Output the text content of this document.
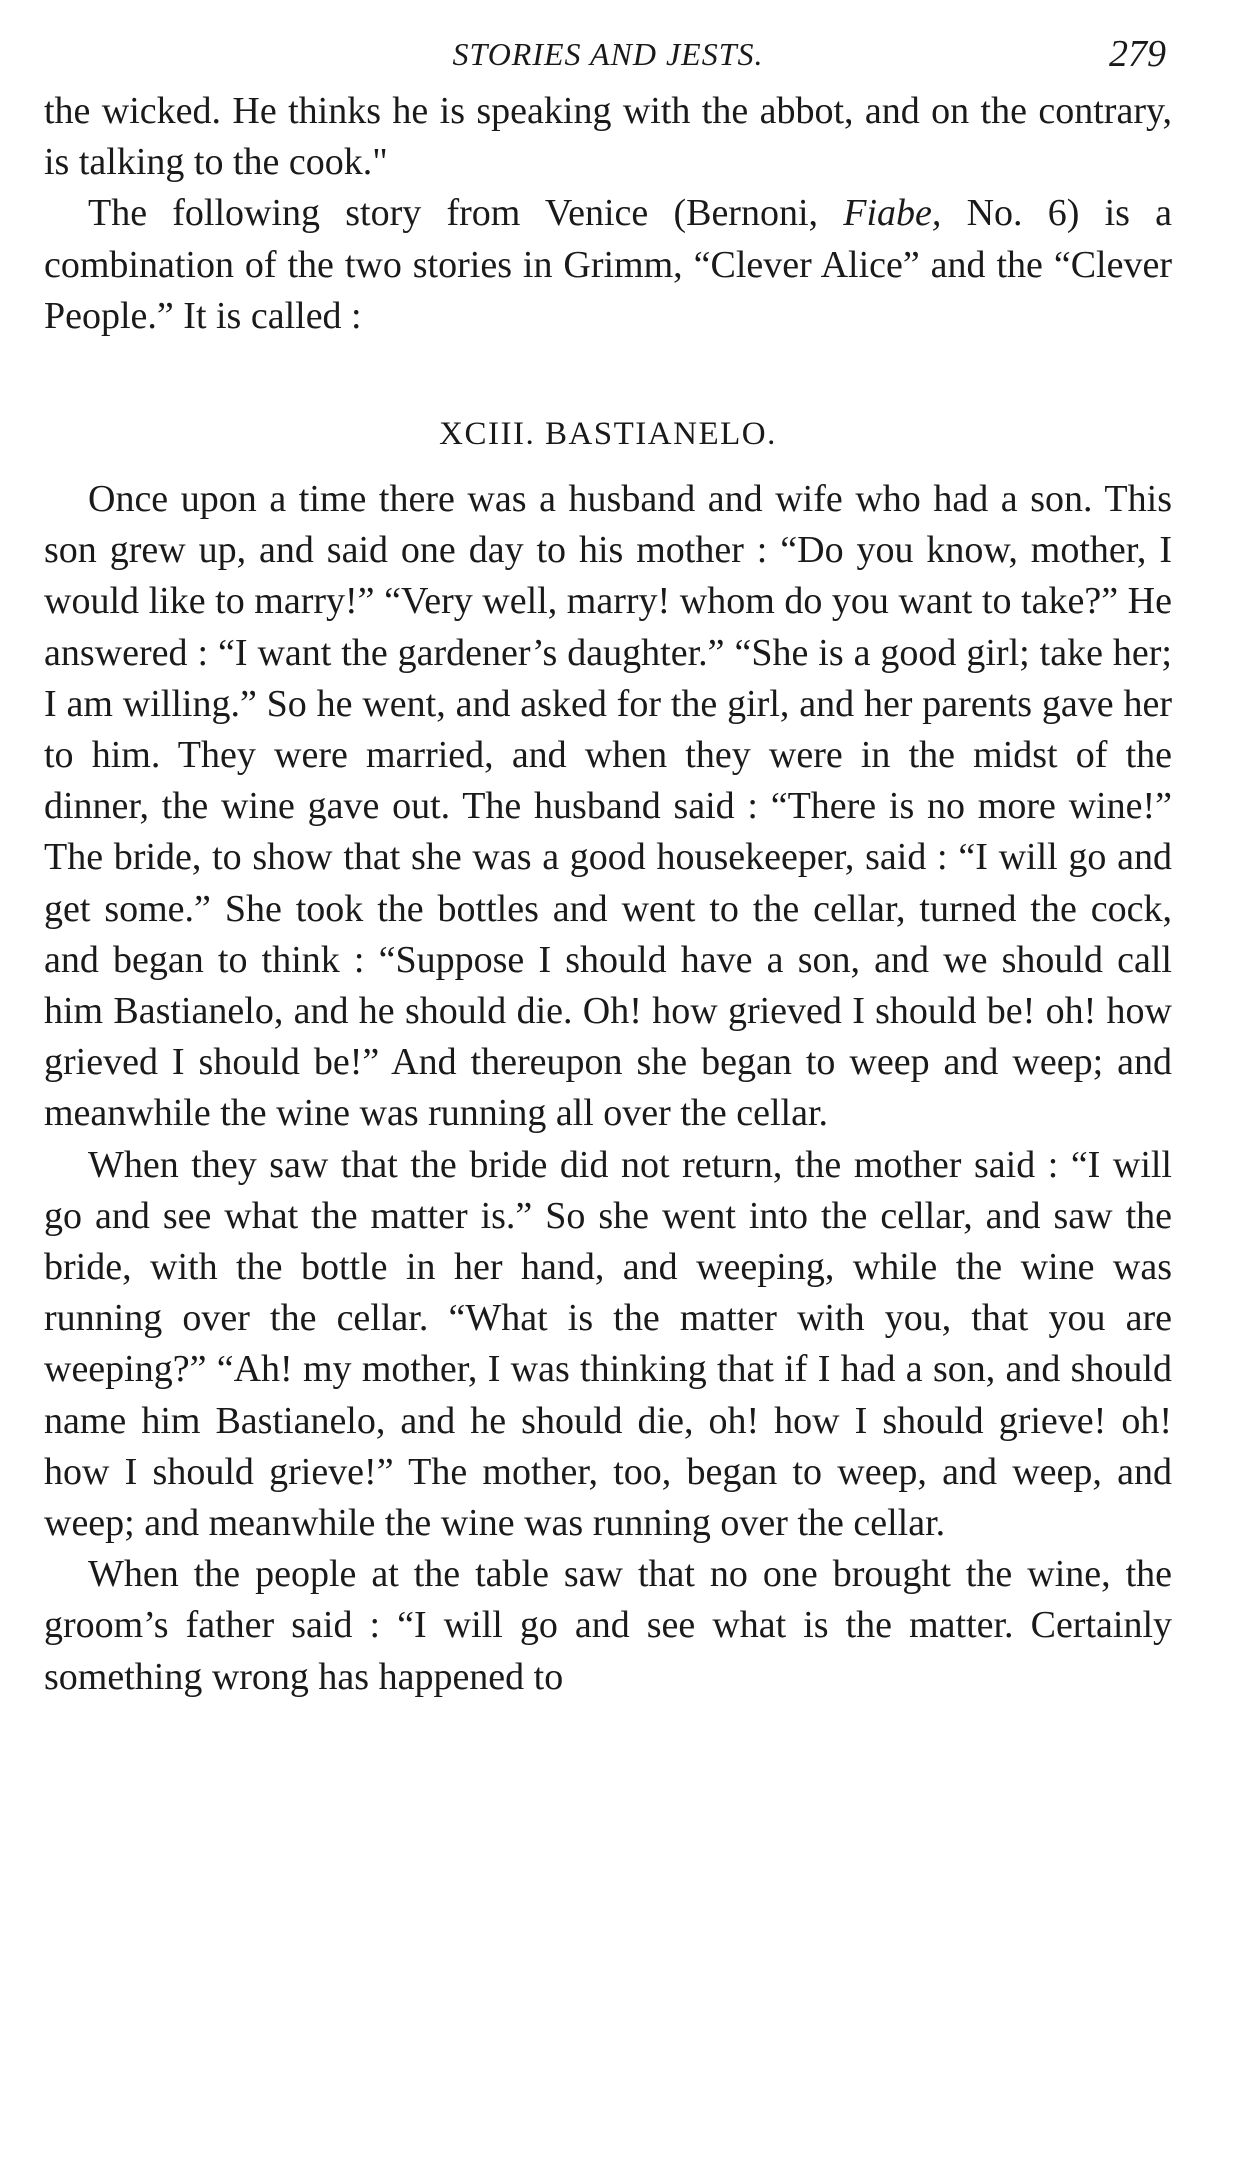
STORIES AND JESTS.	279

the wicked. He thinks he is speaking with the abbot, and on the contrary, is talking to the cook."

The following story from Venice (Bernoni, Fiabe, No. 6) is a combination of the two stories in Grimm, “Clever Alice” and the “Clever People.” It is called :

XCIII. BASTIANELO.

Once upon a time there was a husband and wife who had a son. This son grew up, and said one day to his mother : “Do you know, mother, I would like to marry!” “Very well, marry! whom do you want to take?” He answered : “I want the gardener’s daughter.” “She is a good girl; take her; I am willing.” So he went, and asked for the girl, and her parents gave her to him. They were married, and when they were in the midst of the dinner, the wine gave out. The husband said : “There is no more wine!” The bride, to show that she was a good housekeeper, said : “I will go and get some.” She took the bottles and went to the cellar, turned the cock, and began to think : “Suppose I should have a son, and we should call him Bastianelo, and he should die. Oh! how grieved I should be! oh! how grieved I should be!” And thereupon she began to weep and weep; and meanwhile the wine was running all over the cellar.

When they saw that the bride did not return, the mother said : “I will go and see what the matter is.” So she went into the cellar, and saw the bride, with the bottle in her hand, and weeping, while the wine was running over the cellar. “What is the matter with you, that you are weeping?” “Ah! my mother, I was thinking that if I had a son, and should name him Bastianelo, and he should die, oh! how I should grieve! oh! how I should grieve!” The mother, too, began to weep, and weep, and weep; and meanwhile the wine was running over the cellar.

When the people at the table saw that no one brought the wine, the groom’s father said : “I will go and see what is the matter. Certainly something wrong has happened to
